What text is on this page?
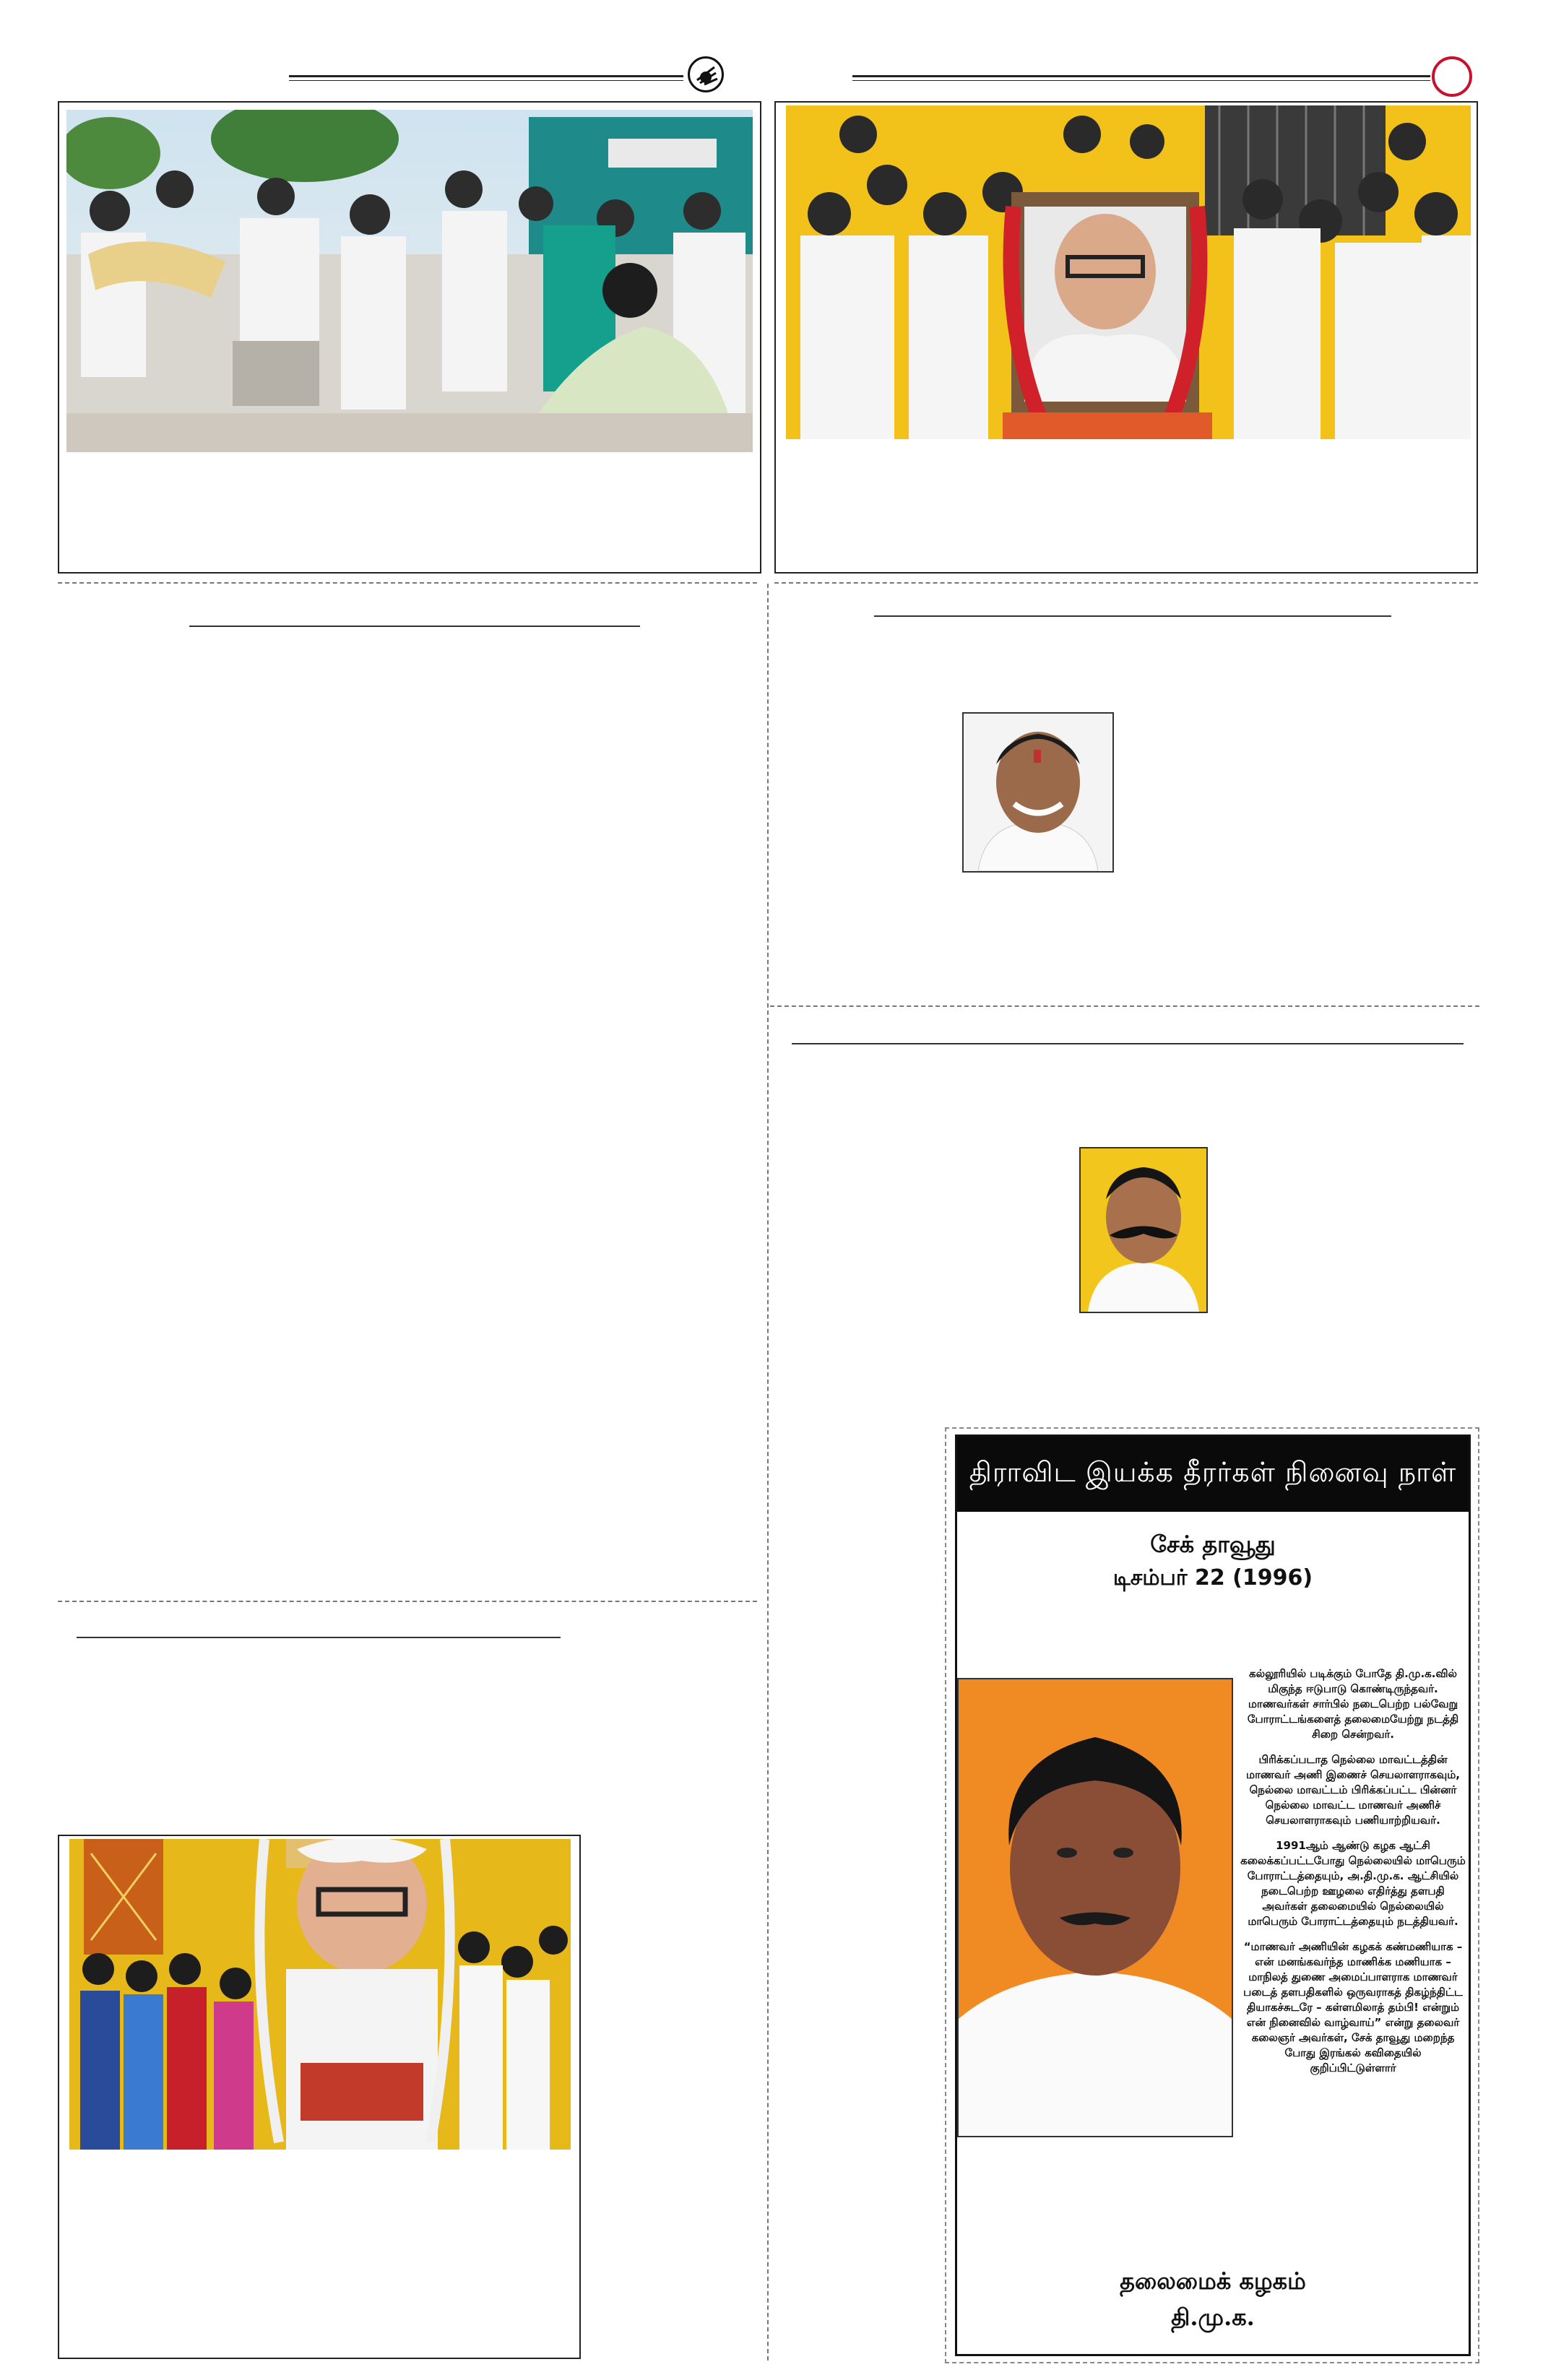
திராவிட இயக்க தீரர்கள் நினைவு நாள்
சேக் தாவூது
டிசம்பர் 22 (1996)

கல்லூரியில் படிக்கும் போதே தி.மு.க.வில் மிகுந்த ஈடுபாடு கொண்டிருந்தவர். மாணவர்கள் சார்பில் நடைபெற்ற பல்வேறு போராட்டங்களைத் தலைமையேற்று நடத்தி சிறை சென்றவர்.

பிரிக்கப்படாத நெல்லை மாவட்டத்தின் மாணவர் அணி இணைச் செயலாளராகவும், நெல்லை மாவட்டம் பிரிக்கப்பட்ட பின்னர் நெல்லை மாவட்ட மாணவர் அணிச் செயலாளராகவும் பணியாற்றியவர்.

1991ஆம் ஆண்டு கழக ஆட்சி கலைக்கப்பட்டபோது நெல்லையில் மாபெரும் போராட்டத்தையும், அ.தி.மு.க. ஆட்சியில் நடைபெற்ற ஊழலை எதிர்த்து தளபதி அவர்கள் தலைமையில் நெல்லையில் மாபெரும் போராட்டத்தையும் நடத்தியவர்.

“மாணவர் அணியின் கழகக் கண்மணியாக – என் மனங்கவர்ந்த மாணிக்க மணியாக – மாநிலத் துணை அமைப்பாளராக மாணவர் படைத் தளபதிகளில் ஒருவராகத் திகழ்ந்திட்ட தியாகச்சுடரே – கள்ளமிலாத் தம்பி! என்றும் என் நினைவில் வாழ்வாய்” என்று தலைவர் கலைஞர் அவர்கள், சேக் தாவூது மறைந்த போது இரங்கல் கவிதையில் குறிப்பிட்டுள்ளார்

தலைமைக் கழகம்
தி.மு.க.
